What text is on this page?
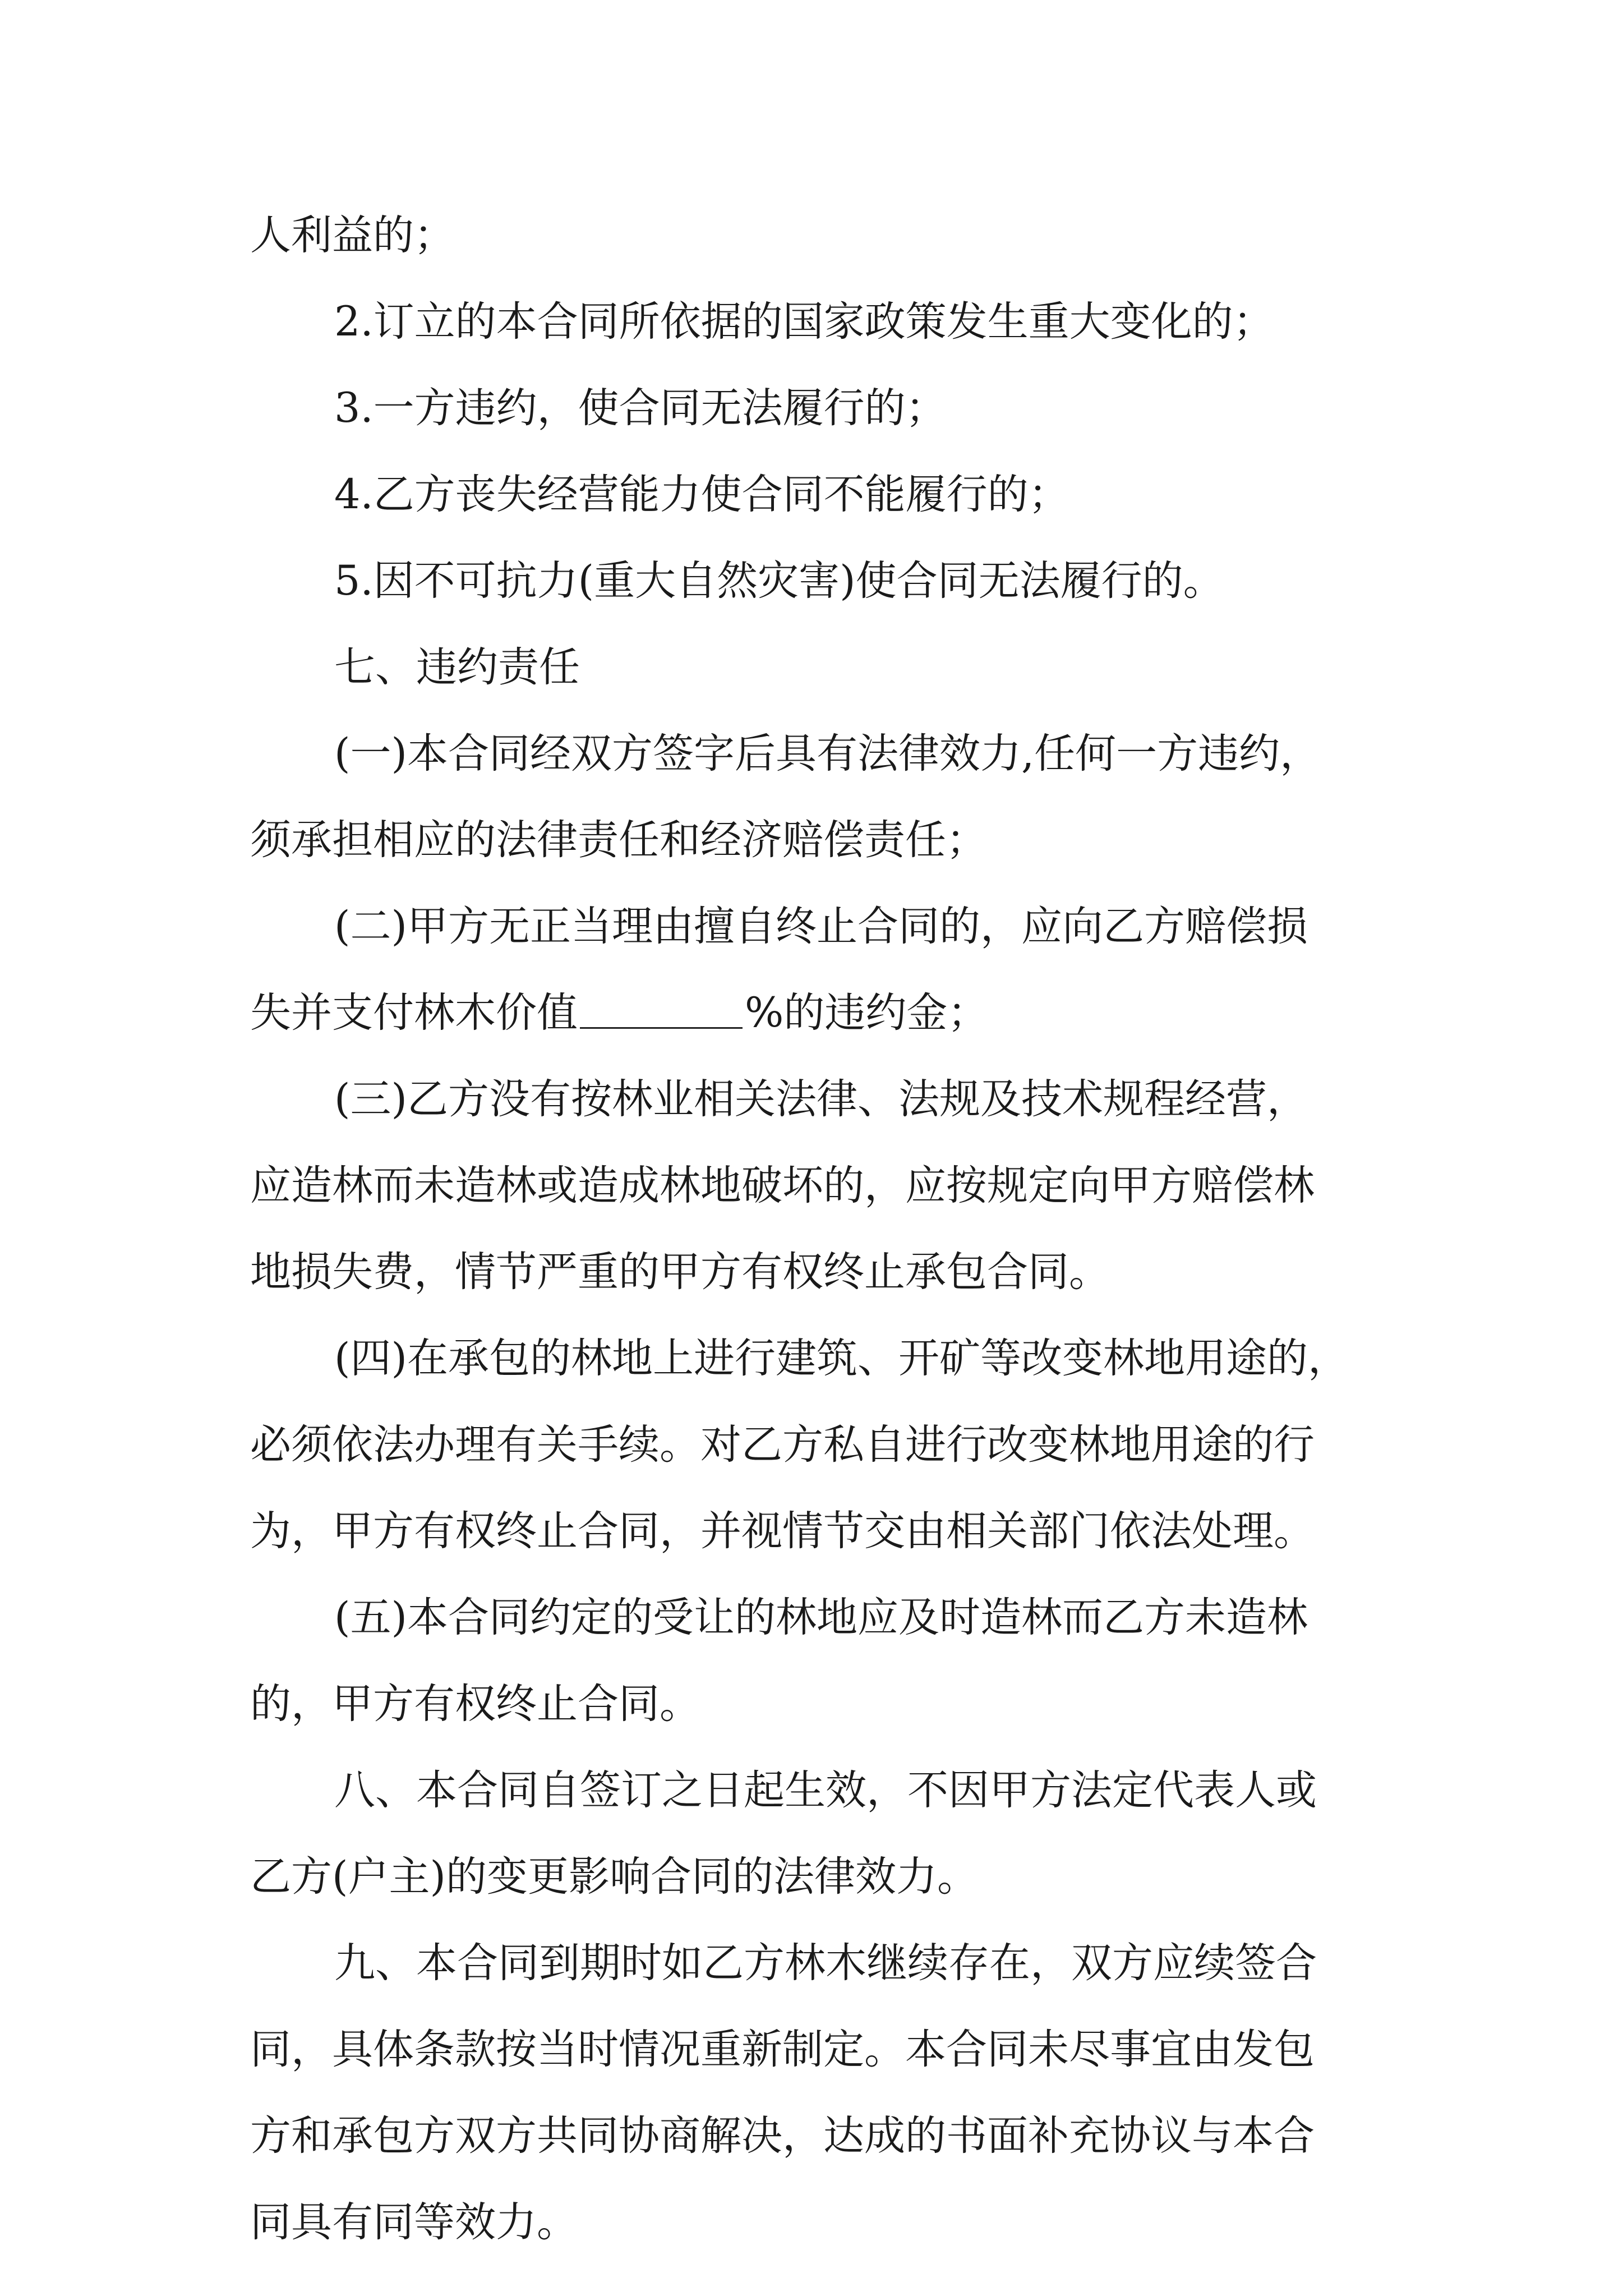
人利益的；
2.订立的本合同所依据的国家政策发生重大变化的；
3.一方违约，使合同无法履行的；
4.乙方丧失经营能力使合同不能履行的；
5.因不可抗力(重大自然灾害)使合同无法履行的。
七、违约责任
(一)本合同经双方签字后具有法律效力,任何一方违约，
须承担相应的法律责任和经济赔偿责任；
(二)甲方无正当理由擅自终止合同的，应向乙方赔偿损
失并支付林木价值	%的违约金；
(三)乙方没有按林业相关法律、法规及技术规程经营，
应造林而未造林或造成林地破坏的，应按规定向甲方赔偿林
地损失费，情节严重的甲方有权终止承包合同。
(四)在承包的林地上进行建筑、开矿等改变林地用途的，
必须依法办理有关手续。对乙方私自进行改变林地用途的行
为，甲方有权终止合同，并视情节交由相关部门依法处理。
(五)本合同约定的受让的林地应及时造林而乙方未造林
的，甲方有权终止合同。
八、本合同自签订之日起生效，不因甲方法定代表人或
乙方(户主)的变更影响合同的法律效力。
九、本合同到期时如乙方林木继续存在，双方应续签合
同，具体条款按当时情况重新制定。本合同未尽事宜由发包
方和承包方双方共同协商解决，达成的书面补充协议与本合
同具有同等效力。
